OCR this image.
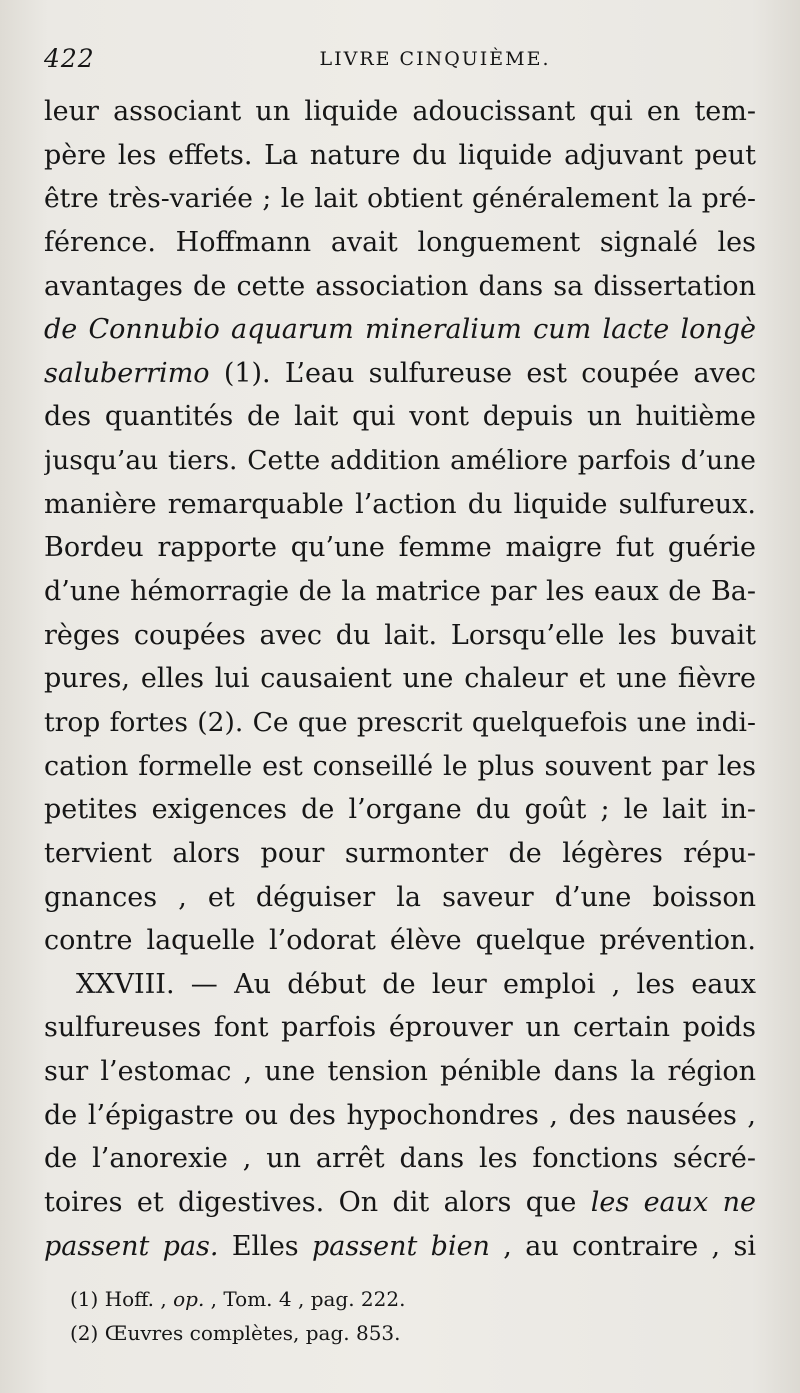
422	LIVRE CINQUIÈME.
leur associant un liquide adoucissant qui en tem-
père les effets. La nature du liquide adjuvant peut
être très-variée ; le lait obtient généralement la pré-
férence. Hoffmann avait longuement signalé les
avantages de cette association dans sa dissertation
de Connubio aquarum mineralium cum lacte longè
saluberrimo (1). L’eau sulfureuse est coupée avec
des quantités de lait qui vont depuis un huitième
jusqu’au tiers. Cette addition améliore parfois d’une
manière remarquable l’action du liquide sulfureux.
Bordeu rapporte qu’une femme maigre fut guérie
d’une hémorragie de la matrice par les eaux de Ba-
règes coupées avec du lait. Lorsqu’elle les buvait
pures, elles lui causaient une chaleur et une fièvre
trop fortes (2). Ce que prescrit quelquefois une indi-
cation formelle est conseillé le plus souvent par les
petites exigences de l’organe du goût ; le lait in-
tervient alors pour surmonter de légères répu-
gnances , et déguiser la saveur d’une boisson
contre laquelle l’odorat élève quelque prévention.
XXVIII. — Au début de leur emploi , les eaux
sulfureuses font parfois éprouver un certain poids
sur l’estomac , une tension pénible dans la région
de l’épigastre ou des hypochondres , des nausées ,
de l’anorexie , un arrêt dans les fonctions sécré-
toires et digestives. On dit alors que les eaux ne
passent pas. Elles passent bien , au contraire , si
(1) Hoff. , op. , Tom. 4 , pag. 222.
(2) Œuvres complètes, pag. 853.
